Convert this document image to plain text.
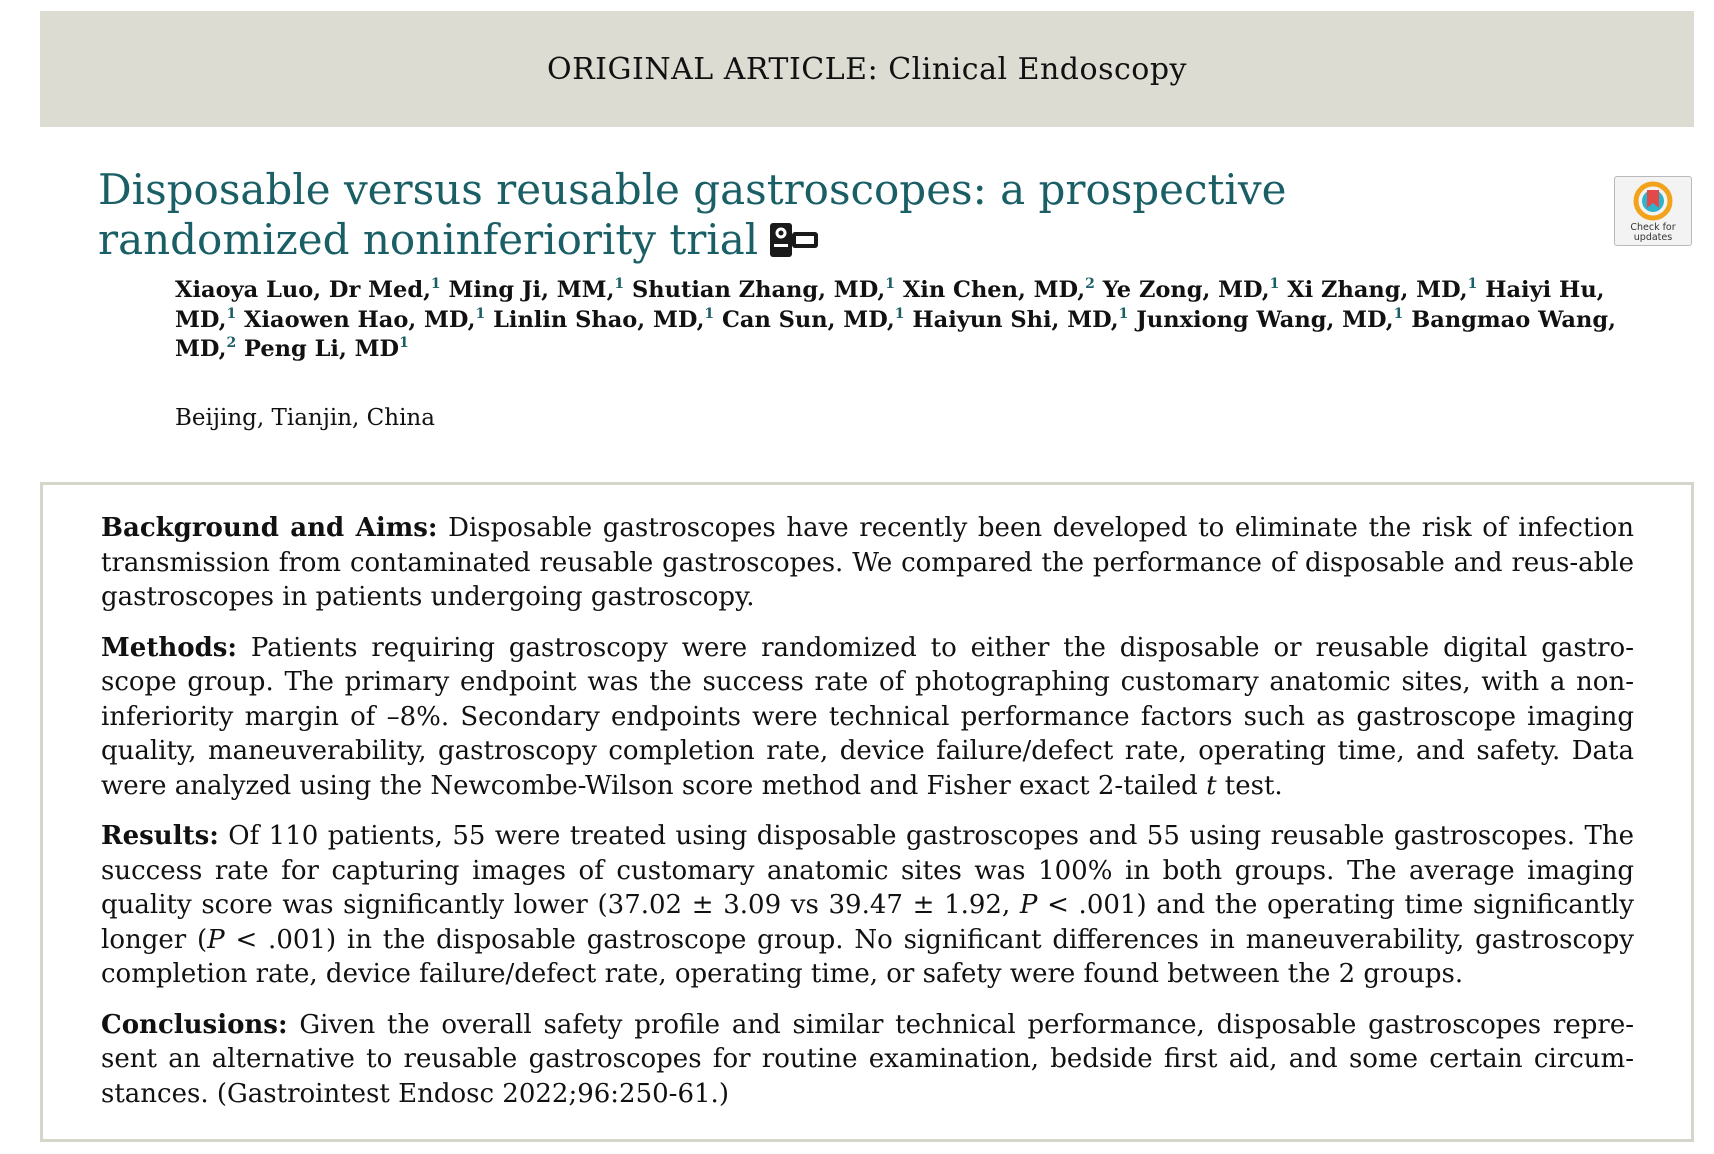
ORIGINAL ARTICLE: Clinical Endoscopy
Disposable versus reusable gastroscopes: a prospective randomized noninferiority trial	Check for updates
Xiaoya Luo, Dr Med,$^1$ Ming Ji, MM,$^1$ Shutian Zhang, MD,$^1$ Xin Chen, MD,$^2$ Ye Zong, MD,$^1$ Xi Zhang, MD,$^1$ Haiyi Hu, MD,$^1$ Xiaowen Hao, MD,$^1$ Linlin Shao, MD,$^1$ Can Sun, MD,$^1$ Haiyun Shi, MD,$^1$ Junxiong Wang, MD,$^1$ Bangmao Wang, MD,$^2$ Peng Li, $MD^1$
Beijing, Tianjin, China

Background and Aims: Disposable gastroscopes have recently been developed to eliminate the risk of infection transmission from contaminated reusable gastroscopes. We compared the performance of disposable and reus-able gastroscopes in patients undergoing gastroscopy.

Methods: Patients requiring gastroscopy were randomized to either the disposable or reusable digital gastro-scope group. The primary endpoint was the success rate of photographing customary anatomic sites, with a non-inferiority margin of –8%. Secondary endpoints were technical performance factors such as gastroscope imaging quality, maneuverability, gastroscopy completion rate, device failure/defect rate, operating time, and safety. Data were analyzed using the Newcombe-Wilson score method and Fisher exact 2-tailed t test.

Results: Of 110 patients, 55 were treated using disposable gastroscopes and 55 using reusable gastroscopes. The success rate for capturing images of customary anatomic sites was 100% in both groups. The average imaging quality score was significantly lower (37.02 ± 3.09 vs 39.47 ± 1.92, P < .001) and the operating time significantly longer (P < .001) in the disposable gastroscope group. No significant differences in maneuverability, gastroscopy completion rate, device failure/defect rate, operating time, or safety were found between the 2 groups.

Conclusions: Given the overall safety profile and similar technical performance, disposable gastroscopes repre-sent an alternative to reusable gastroscopes for routine examination, bedside first aid, and some certain circum-stances. (Gastrointest Endosc 2022;96:250-61.)
